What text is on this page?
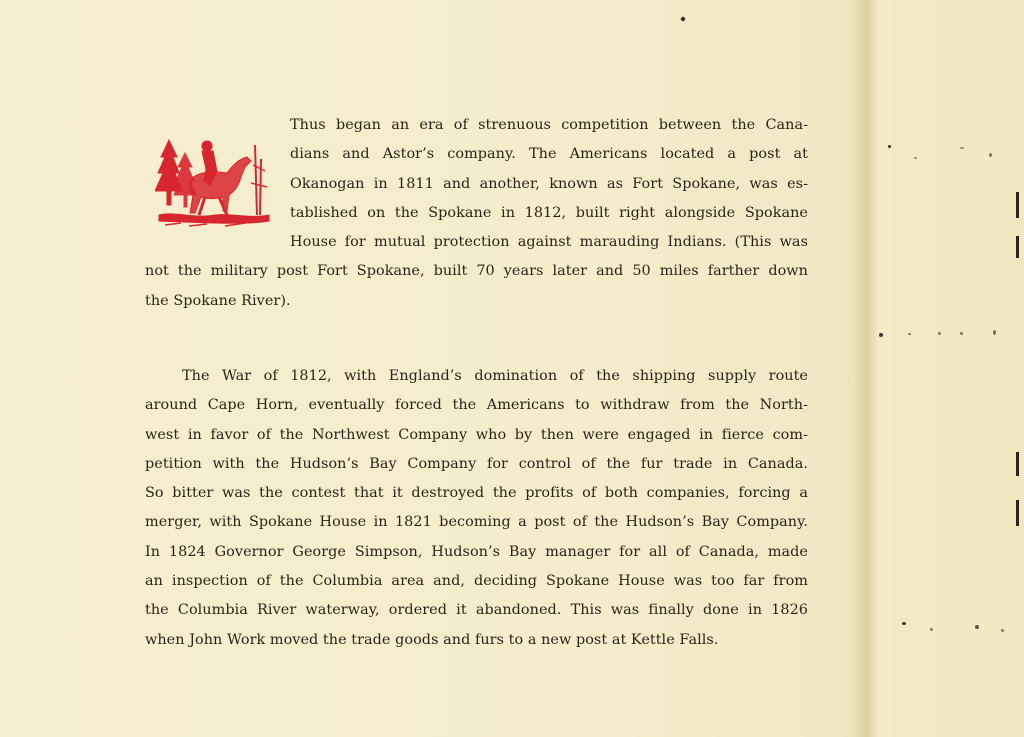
Thus began an era of strenuous competition between the Cana-
dians and Astor’s company. The Americans located a post at
Okanogan in 1811 and another, known as Fort Spokane, was es-
tablished on the Spokane in 1812, built right alongside Spokane
House for mutual protection against marauding Indians. (This was
not the military post Fort Spokane, built 70 years later and 50 miles farther down
the Spokane River).
The War of 1812, with England’s domination of the shipping supply route
around Cape Horn, eventually forced the Americans to withdraw from the North-
west in favor of the Northwest Company who by then were engaged in fierce com-
petition with the Hudson’s Bay Company for control of the fur trade in Canada.
So bitter was the contest that it destroyed the profits of both companies, forcing a
merger, with Spokane House in 1821 becoming a post of the Hudson’s Bay Company.
In 1824 Governor George Simpson, Hudson’s Bay manager for all of Canada, made
an inspection of the Columbia area and, deciding Spokane House was too far from
the Columbia River waterway, ordered it abandoned. This was finally done in 1826
when John Work moved the trade goods and furs to a new post at Kettle Falls.
